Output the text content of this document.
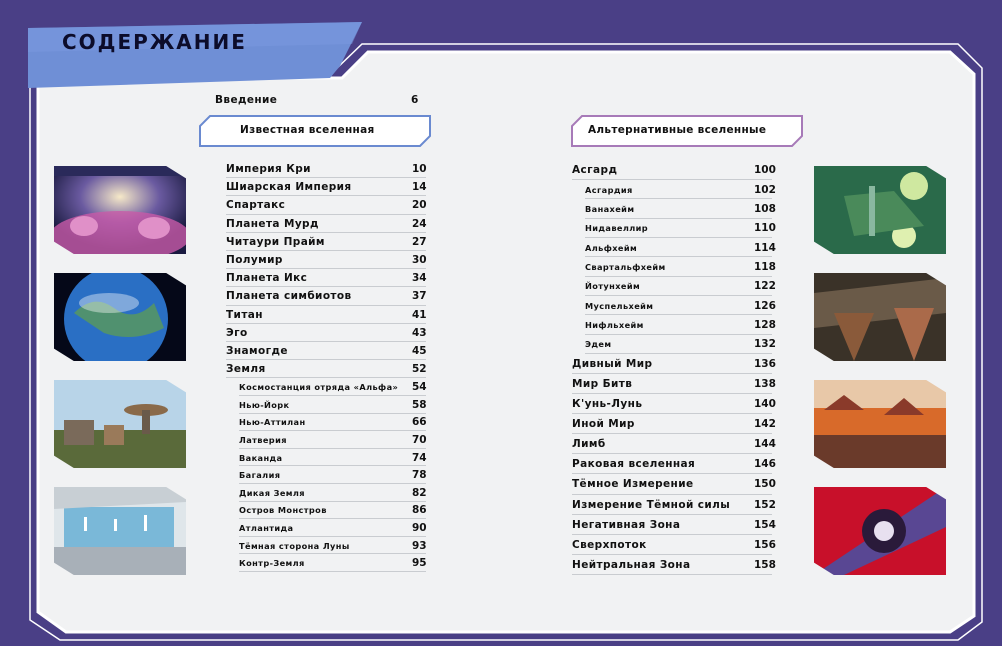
СОДЕРЖАНИЕ
Введение	6
Известная вселенная	Альтернативные вселенные
Империя Кри	10
Шиарская Империя	14
Спартакс	20
Планета Мурд	24
Читаури Прайм	27
Полумир	30
Планета Икс	34
Планета симбиотов	37
Титан	41
Эго	43
Знамогде	45
Земля	52
Космостанция отряда «Альфа» 54
Нью-Йорк	58
Нью-Аттилан	66
Латверия	70
Ваканда	74
Багалия	78
Дикая Земля	82
Остров Монстров	86
Атлантида	90
Тёмная сторона Луны	93
Контр-Земля	95
Асгард	100
Асгардия	102
Ванахейм	108
Нидавеллир	110
Альфхейм	114
Свартальфхейм	118
Йотунхейм	122
Муспельхейм	126
Нифльхейм	128
Эдем	132
Дивный Мир	136
Мир Битв	138
К'унь-Лунь	140
Иной Мир	142
Лимб	144
Раковая вселенная	146
Тёмное Измерение	150
Измерение Тёмной силы 152
Негативная Зона	154
Сверхпоток	156
Нейтральная Зона	158
